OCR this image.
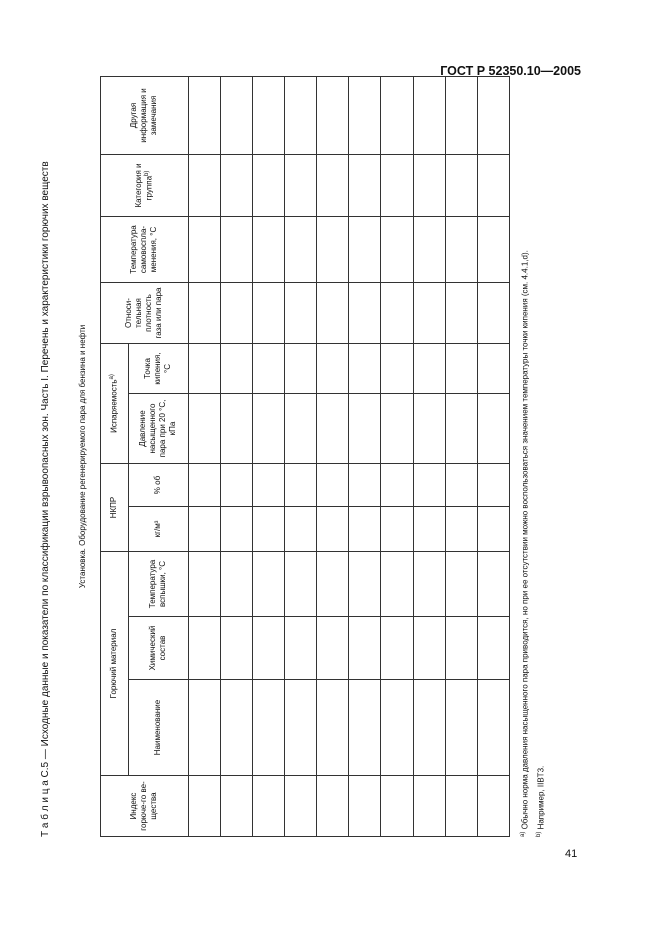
ГОСТ Р 52350.10—2005
Т а б л и ц а С.5 — Исходные данные и показатели по классификации взрывоопасных зон. Часть I. Перечень и характеристики горючих веществ	Установка. Оборудование регенерируемого пара для бензина и нефти											
Индекс горюче-го ве-щества	Горючий материал			НКПР		Испаряемость$^{a)}$		Относи-тельная плотность газа или пара	Температура самовоспла-менения, °C	Категория и группа$^{b)}$	Другая информация и замечания
	Наименование	Химический состав	Температура вспышки, °C	кг/м³	% об	Давление насыщенного пара при 20 °C, кПа	Точка кипения, °C				

$^{a)}$ Обычно норма давления насыщенного пара приводится, но при ее отсутствии можно воспользоваться значением температуры точки кипения (см. 4.4.1,d).
$^{b)}$ Например, IIBT3.
41
